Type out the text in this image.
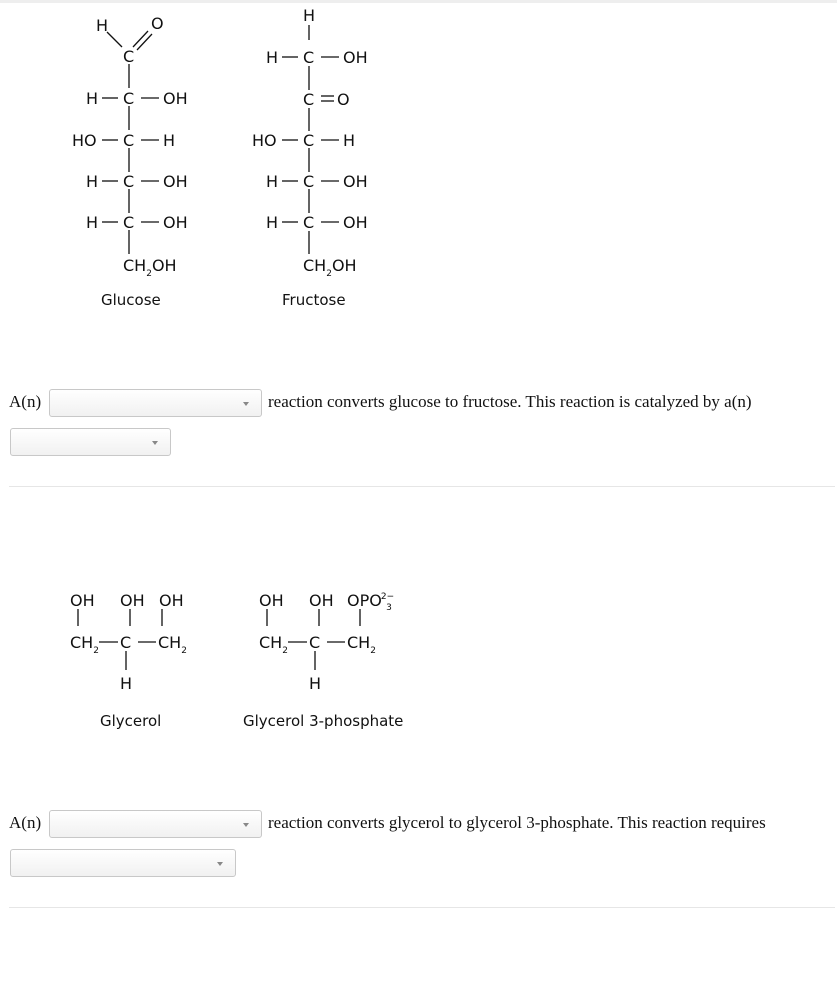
H	O
C
H C OH
HO C H
H C OH
H C OH
$CH_2OH$
Glucose
H
H C OH
C O
HO C H
H C OH
H C OH
$CH_2OH$
Fructose
A(n)	reaction converts glucose to fructose. This reaction is catalyzed by a(n)
OH OH OH
$CH_2$ C $CH_2$
H
Glycerol
OH OH $OPO^{2-}_3$
$CH_2$ C $CH_2$
H
Glycerol 3-phosphate
A(n)	reaction converts glycerol to glycerol 3-phosphate. This reaction requires
